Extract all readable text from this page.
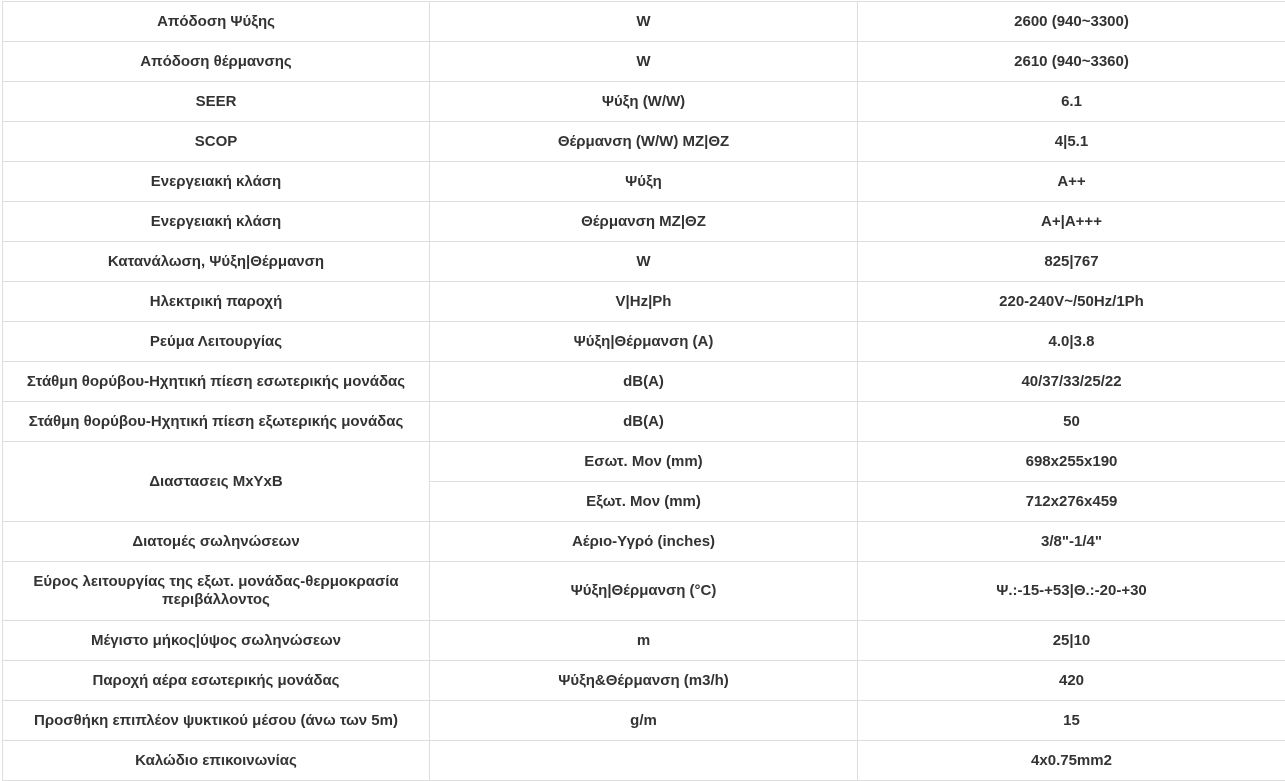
Απόδοση Ψύξης	W	2600 (940~3300)
Απόδοση θέρμανσης	W	2610 (940~3360)
SEER	Ψύξη (W/W)	6.1
SCOP	Θέρμανση (W/W) ΜΖ|ΘΖ	4|5.1
Ενεργειακή κλάση	Ψύξη	A++
Ενεργειακή κλάση	Θέρμανση ΜΖ|ΘΖ	A+|A+++
Κατανάλωση, Ψύξη|Θέρμανση	W	825|767
Ηλεκτρική παροχή	V|Hz|Ph	220-240V~/50Hz/1Ph
Ρεύμα Λειτουργίας	Ψύξη|Θέρμανση (A)	4.0|3.8
Στάθμη θορύβου-Ηχητική πίεση εσωτερικής μονάδας	dB(A)	40/37/33/25/22
Στάθμη θορύβου-Ηχητική πίεση εξωτερικής μονάδας	dB(A)	50
Διαστασεις ΜxΥxΒ	Εσωτ. Μον (mm)	698x255x190
	Εξωτ. Μον (mm)	712x276x459
Διατομές σωληνώσεων	Αέριο-Υγρό (inches)	3/8"-1/4"
Εύρος λειτουργίας της εξωτ. μονάδας-θερμοκρασία περιβάλλοντος	Ψύξη|Θέρμανση (°C)	Ψ.:-15-+53|Θ.:-20-+30
Μέγιστο μήκος|ύψος σωληνώσεων	m	25|10
Παροχή αέρα εσωτερικής μονάδας	Ψύξη&Θέρμανση (m3/h)	420
Προσθήκη επιπλέον ψυκτικού μέσου (άνω των 5m)	g/m	15
Καλώδιο επικοινωνίας		4x0.75mm2
